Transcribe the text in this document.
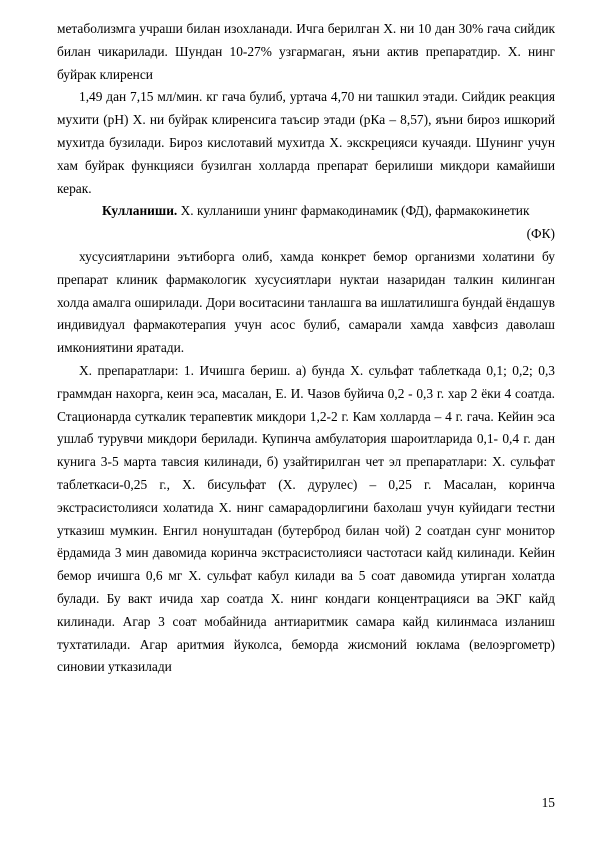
метаболизмга учраши билан изохланади. Ичга берилган Х. ни 10 дан 30% гача сийдик билан чикарилади. Шундан 10-27% узгармаган, яъни актив препаратдир. Х. нинг буйрак клиренси

1,49 дан 7,15 мл/мин. кг гача булиб, уртача 4,70 ни ташкил этади. Сийдик реакция мухити (рН) Х. ни буйрак клиренсига таъсир этади (рКа – 8,57), яъни бироз ишкорий мухитда бузилади. Бироз кислотавий мухитда Х. экскрецияси кучаяди. Шунинг учун хам буйрак функцияси бузилган холларда препарат берилиши микдори камайиши керак.

Кулланиши. Х. кулланиши унинг фармакодинамик (ФД), фармакокинетик
(ФК)

хусусиятларини эътиборга олиб, хамда конкрет бемор организми холатини бу препарат клиник фармакологик хусусиятлари нуктаи назаридан талкин килинган холда амалга оширилади. Дори воситасини танлашга ва ишлатилишга бундай ёндашув индивидуал фармакотерапия учун асос булиб, самарали хамда хавфсиз даволаш имкониятини яратади.

Х. препаратлари: 1. Ичишга бериш. а) бунда Х. сульфат таблеткада 0,1; 0,2; 0,3 граммдан нахорга, кеин эса, масалан, Е. И. Чазов буйича 0,2 - 0,3 г. хар 2 ёки 4 соатда. Стационарда суткалик терапевтик микдори 1,2-2 г. Кам холларда – 4 г. гача. Кейин эса ушлаб турувчи микдори берилади. Купинча амбулатория шароитларида 0,1- 0,4 г. дан кунига 3-5 марта тавсия килинади, б) узайтирилган чет эл препаратлари: Х. сульфат таблеткаси-0,25 г., Х. бисульфат (Х. дурулес) – 0,25 г. Масалан, коринча экстрасистолияси холатида Х. нинг самарадорлигини бахолаш учун куйидаги тестни утказиш мумкин. Енгил нонуштадан (бутерброд билан чой) 2 соатдан сунг монитор ёрдамида 3 мин давомида коринча экстрасистолияси частотаси кайд килинади. Кейин бемор ичишга 0,6 мг Х. сульфат кабул килади ва 5 соат давомида утирган холатда булади. Бу вакт ичида хар соатда Х. нинг кондаги концентрацияси ва ЭКГ кайд килинади. Агар 3 соат мобайнида антиаритмик самара кайд килинмаса изланиш тухтатилади. Агар аритмия йуколса, беморда жисмоний юклама (велоэргометр) синовии утказилади

15
